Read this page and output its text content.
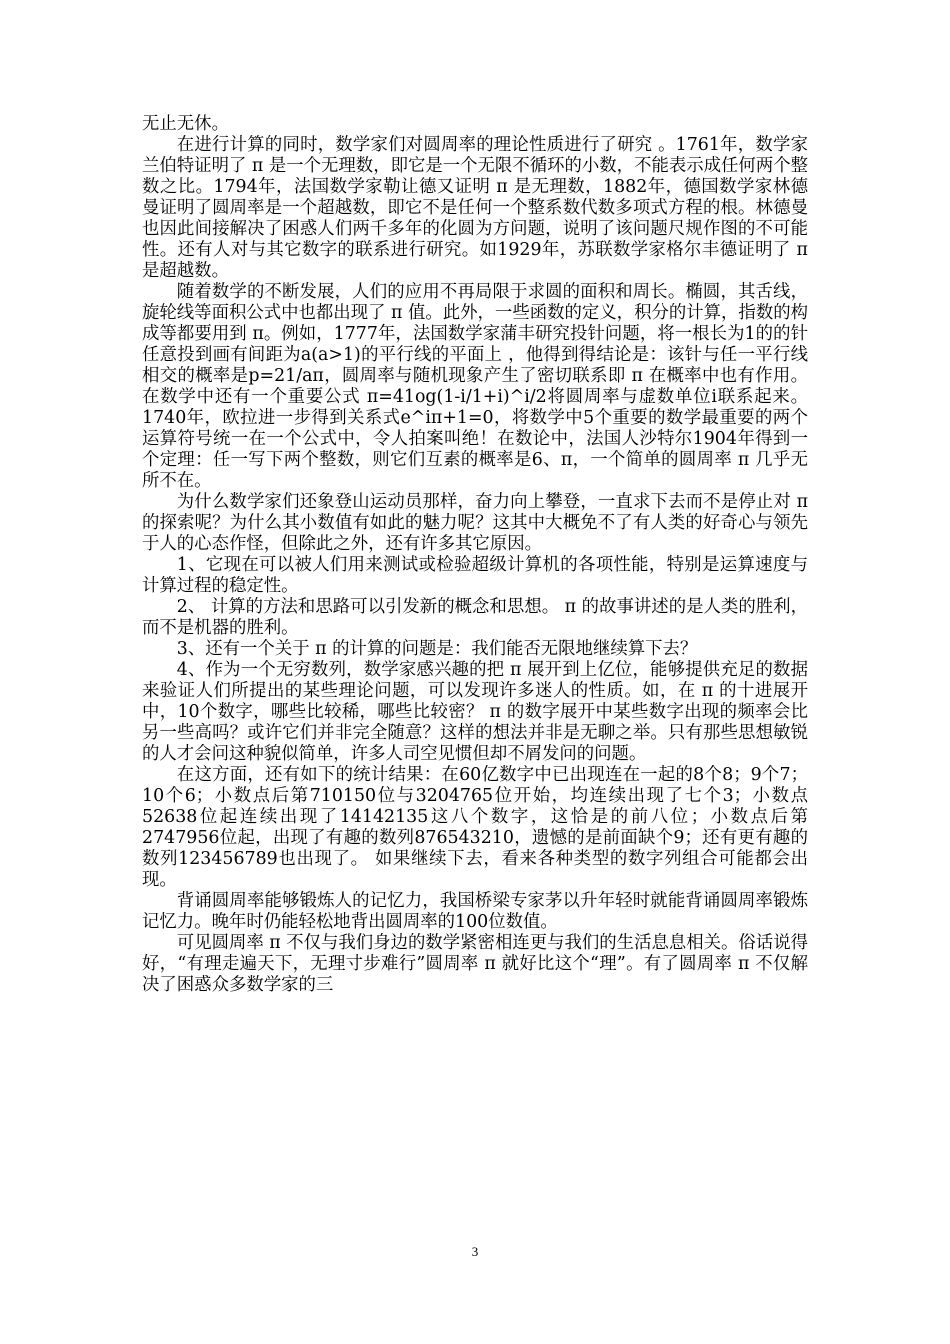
无止无休。

在进行计算的同时，数学家们对圆周率的理论性质进行了研究 。1761年，数学家兰伯特证明了 π 是一个无理数，即它是一个无限不循环的小数，不能表示成任何两个整数之比。1794年，法国数学家勒让德又证明 π 是无理数，1882年，德国数学家林德曼证明了圆周率是一个超越数，即它不是任何一个整系数代数多项式方程的根。林德曼也因此间接解决了困惑人们两千多年的化圆为方问题，说明了该问题尺规作图的不可能性。还有人对与其它数字的联系进行研究。如1929年，苏联数学家格尔丰德证明了 π 是超越数。

随着数学的不断发展，人们的应用不再局限于求圆的面积和周长。椭圆，其舌线，旋轮线等面积公式中也都出现了 π 值。此外，一些函数的定义，积分的计算，指数的构成等都要用到 π。例如，1777年，法国数学家蒲丰研究投针问题，将一根长为1的的针任意投到画有间距为a(a>1)的平行线的平面上 ，他得到得结论是：该针与任一平行线相交的概率是p=21/aπ，圆周率与随机现象产生了密切联系即 π 在概率中也有作用。在数学中还有一个重要公式 π=41og(1-i/1+i)^i/2将圆周率与虚数单位i联系起来。1740年，欧拉进一步得到关系式e^iπ+1=0，将数学中5个重要的数学最重要的两个运算符号统一在一个公式中，令人拍案叫绝！在数论中，法国人沙特尔1904年得到一个定理：任一写下两个整数，则它们互素的概率是6、π，一个简单的圆周率 π 几乎无所不在。

为什么数学家们还象登山运动员那样，奋力向上攀登，一直求下去而不是停止对 π 的探索呢？为什么其小数值有如此的魅力呢？这其中大概免不了有人类的好奇心与领先于人的心态作怪，但除此之外，还有许多其它原因。

1、它现在可以被人们用来测试或检验超级计算机的各项性能，特别是运算速度与计算过程的稳定性。

2、 计算的方法和思路可以引发新的概念和思想。 π 的故事讲述的是人类的胜利，而不是机器的胜利。

3、还有一个关于 π 的计算的问题是：我们能否无限地继续算下去？

4、作为一个无穷数列，数学家感兴趣的把 π 展开到上亿位，能够提供充足的数据来验证人们所提出的某些理论问题，可以发现许多迷人的性质。如，在 π 的十进展开中，10个数字，哪些比较稀，哪些比较密？ π 的数字展开中某些数字出现的频率会比另一些高吗？或许它们并非完全随意？这样的想法并非是无聊之举。只有那些思想敏锐的人才会问这种貌似简单，许多人司空见惯但却不屑发问的问题。

在这方面，还有如下的统计结果：在60亿数字中已出现连在一起的8个8；9个7；10个6；小数点后第710150位与3204765位开始，均连续出现了七个3；小数点52638位起连续出现了14142135这八个数字，这恰是的前八位；小数点后第2747956位起，出现了有趣的数列876543210，遗憾的是前面缺个9；还有更有趣的数列123456789也出现了。 如果继续下去，看来各种类型的数字列组合可能都会出现。

背诵圆周率能够锻炼人的记忆力，我国桥梁专家茅以升年轻时就能背诵圆周率锻炼记忆力。晚年时仍能轻松地背出圆周率的100位数值。

可见圆周率 π 不仅与我们身边的数学紧密相连更与我们的生活息息相关。俗话说得好，“有理走遍天下，无理寸步难行”圆周率 π 就好比这个“理”。有了圆周率 π 不仅解决了困惑众多数学家的三

3
